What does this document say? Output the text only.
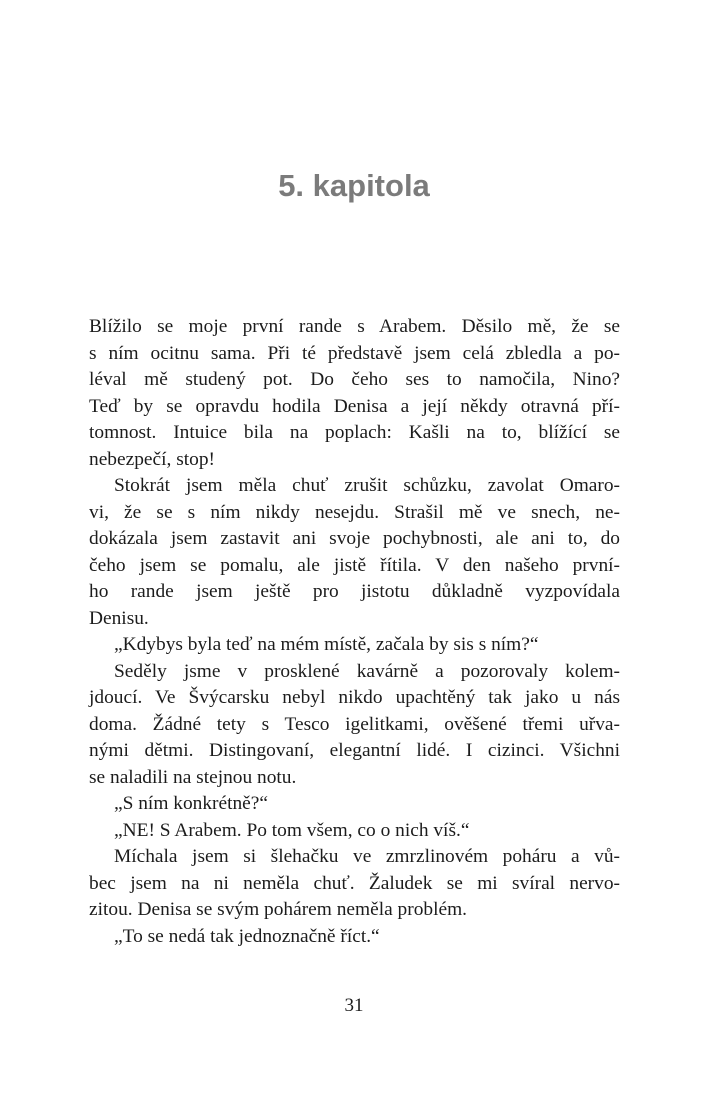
5. kapitola
Blížilo se moje první rande s Arabem. Děsilo mě, že se
s ním ocitnu sama. Při té představě jsem celá zbledla a po-
léval mě studený pot. Do čeho ses to namočila, Nino?
Teď by se opravdu hodila Denisa a její někdy otravná pří-
tomnost. Intuice bila na poplach: Kašli na to, blížící se
nebezpečí, stop!
Stokrát jsem měla chuť zrušit schůzku, zavolat Omaro-
vi, že se s ním nikdy nesejdu. Strašil mě ve snech, ne-
dokázala jsem zastavit ani svoje pochybnosti, ale ani to, do
čeho jsem se pomalu, ale jistě řítila. V den našeho první-
ho rande jsem ještě pro jistotu důkladně vyzpovídala
Denisu.
„Kdybys byla teď na mém místě, začala by sis s ním?“
Seděly jsme v prosklené kavárně a pozorovaly kolem-
jdoucí. Ve Švýcarsku nebyl nikdo upachtěný tak jako u nás
doma. Žádné tety s Tesco igelitkami, ověšené třemi uřva-
nými dětmi. Distingovaní, elegantní lidé. I cizinci. Všichni
se naladili na stejnou notu.
„S ním konkrétně?“
„NE! S Arabem. Po tom všem, co o nich víš.“
Míchala jsem si šlehačku ve zmrzlinovém poháru a vů-
bec jsem na ni neměla chuť. Žaludek se mi svíral nervo-
zitou. Denisa se svým pohárem neměla problém.
„To se nedá tak jednoznačně říct.“
31
